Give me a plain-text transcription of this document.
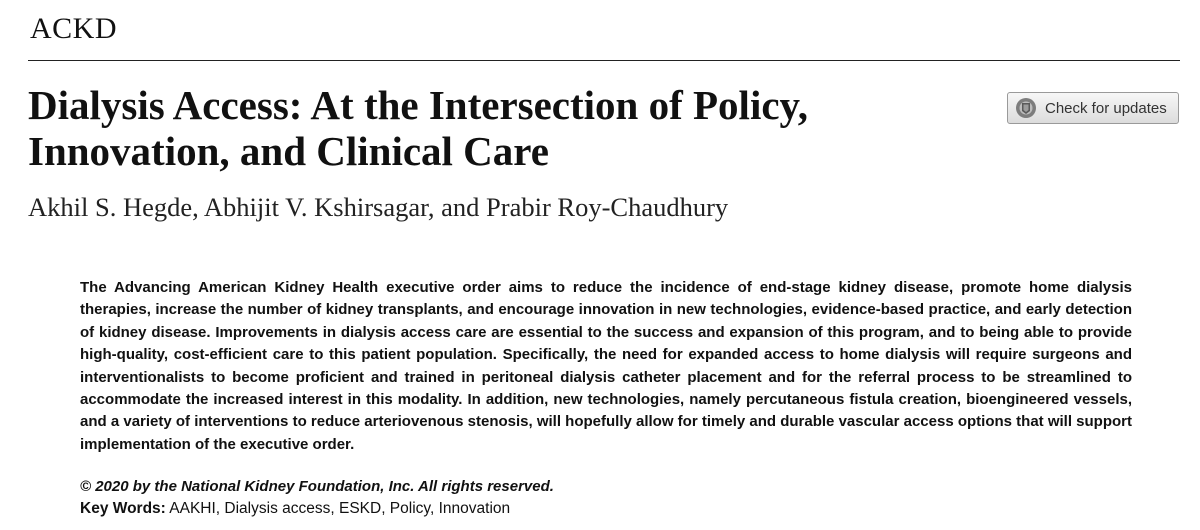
ACKD
Dialysis Access: At the Intersection of Policy, Innovation, and Clinical Care
Check for updates
Akhil S. Hegde, Abhijit V. Kshirsagar, and Prabir Roy-Chaudhury

The Advancing American Kidney Health executive order aims to reduce the incidence of end-stage kidney disease, promote home dialysis therapies, increase the number of kidney transplants, and encourage innovation in new technologies, evidence-based practice, and early detection of kidney disease. Improvements in dialysis access care are essential to the success and expansion of this program, and to being able to provide high-quality, cost-efficient care to this patient population. Specifically, the need for expanded access to home dialysis will require surgeons and interventionalists to become proficient and trained in peritoneal dialysis catheter placement and for the referral process to be streamlined to accommodate the increased interest in this modality. In addition, new technologies, namely percutaneous fistula creation, bioengineered vessels, and a variety of interventions to reduce arteriovenous stenosis, will hopefully allow for timely and durable vascular access options that will support implementation of the executive order.

© 2020 by the National Kidney Foundation, Inc. All rights reserved.
Key Words: AAKHI, Dialysis access, ESKD, Policy, Innovation
